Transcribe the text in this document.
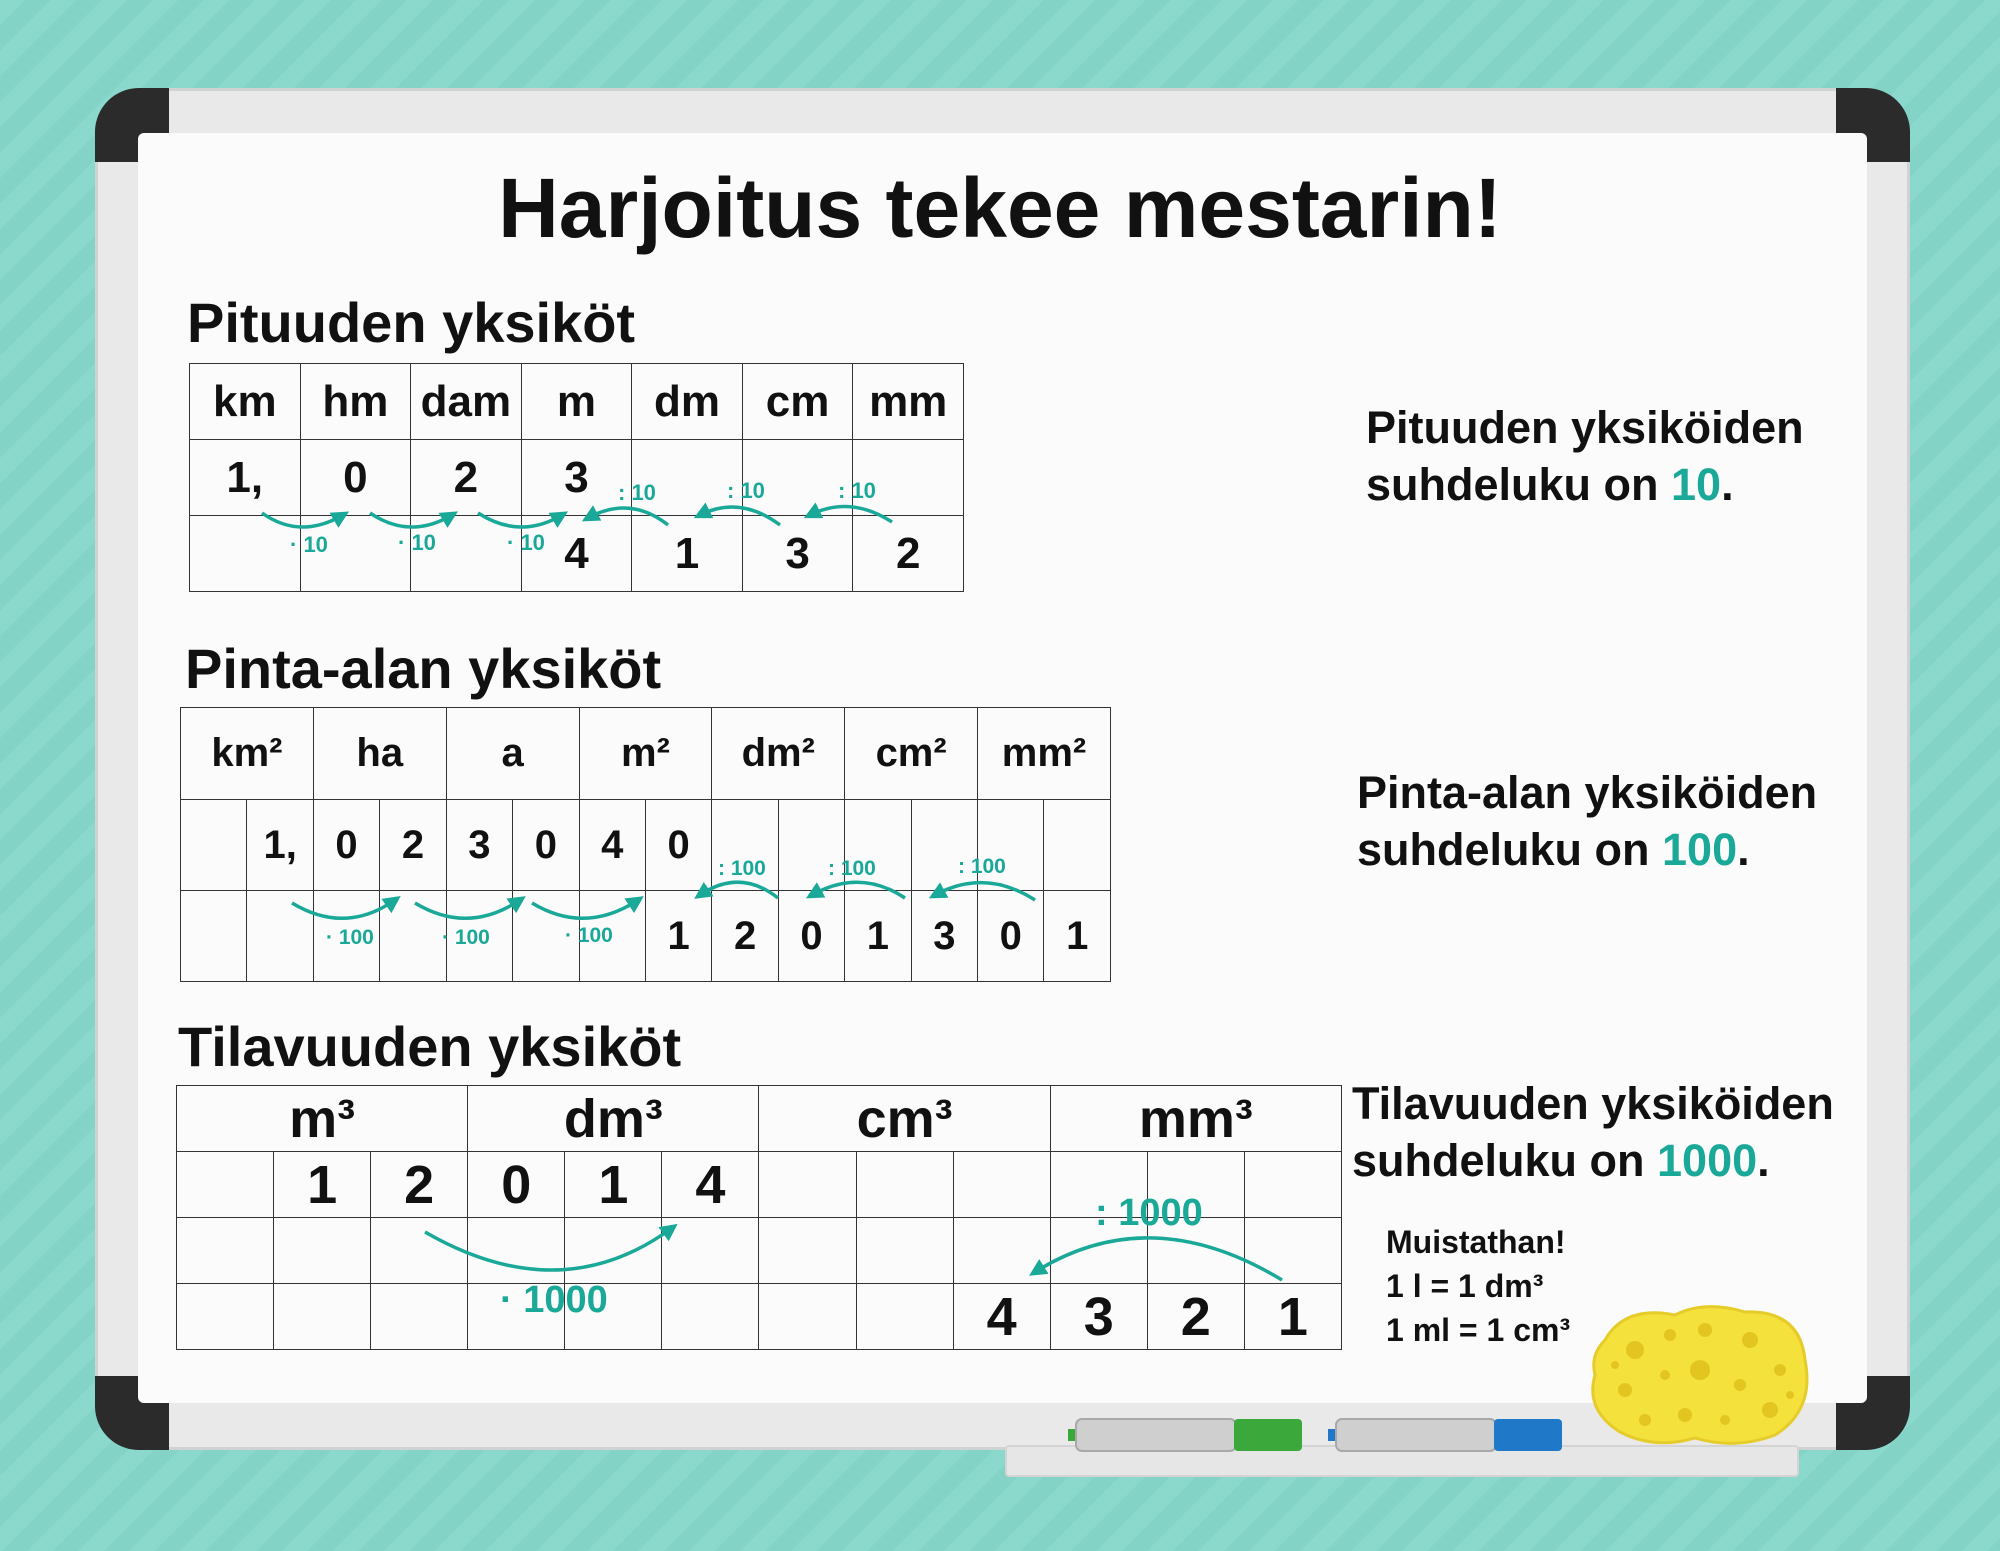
Harjoitus tekee mestarin!
Pituuden yksiköt
km	hm	dam	m	dm	cm	mm
1,	0	2	3			
			4	1	3	2
Pituuden yksiköiden
suhdeluku on 10.
Pinta-alan yksiköt
km²		ha		a		m²		dm²		cm²		mm²	
	1,	0	2	3	0	4	0						
							1	2	0	1	3	0	1
Pinta-alan yksiköiden
suhdeluku on 100.
Tilavuuden yksiköt
m³			dm³			cm³			mm³		
	1	2	0	1	4						

								4	3	2	1
Tilavuuden yksiköiden
suhdeluku on 1000.
Muistathan!
1 l = 1 dm³
1 ml = 1 cm³
· 10	· 10	· 10
: 10	: 10	: 10
· 100	· 100	· 100
: 100	: 100	: 100
· 1000
: 1000
